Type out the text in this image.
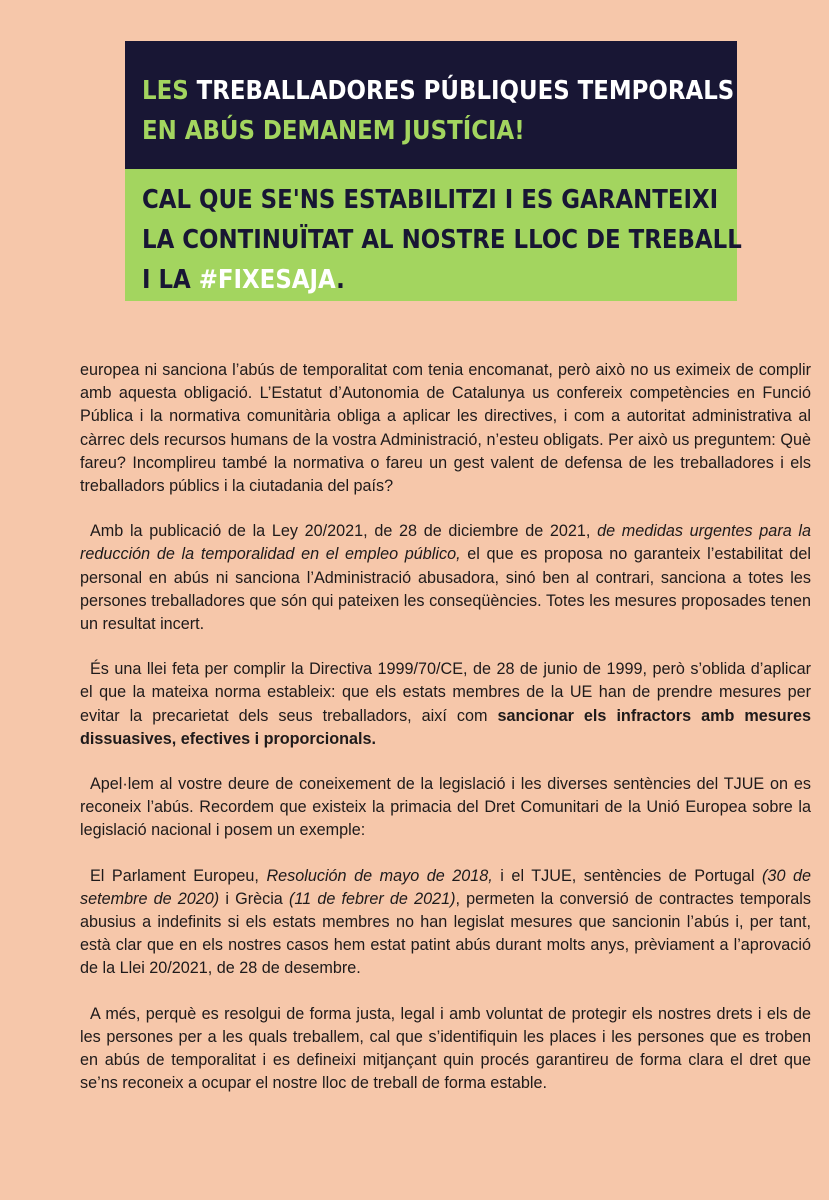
LES TREBALLADORES PÚBLIQUES TEMPORALS
EN ABÚS DEMANEM JUSTÍCIA!
CAL QUE SE'NS ESTABILITZI I ES GARANTEIXI
LA CONTINUÏTAT AL NOSTRE LLOC DE TREBALL
I LA #FIXESAJA.

europea ni sanciona l’abús de temporalitat com tenia encomanat, però això no us eximeix de complir amb aquesta obligació. L’Estatut d’Autonomia de Catalunya us confereix competències en Funció Pública i la normativa comunitària obliga a aplicar les directives, i com a autoritat administrativa al càrrec dels recursos humans de la vostra Administració, n’esteu obligats. Per això us preguntem: Què fareu? Incomplireu també la normativa o fareu un gest valent de defensa de les treballadores i els treballadors públics i la ciutadania del país?

Amb la publicació de la Ley 20/2021, de 28 de diciembre de 2021, de medidas urgentes para la reducción de la temporalidad en el empleo público, el que es proposa no garanteix l’estabilitat del personal en abús ni sanciona l’Administració abusadora, sinó ben al contrari, sanciona a totes les persones treballadores que són qui pateixen les conseqüències. Totes les mesures proposades tenen un resultat incert.

És una llei feta per complir la Directiva 1999/70/CE, de 28 de junio de 1999, però s’oblida d’aplicar el que la mateixa norma estableix: que els estats membres de la UE han de prendre mesures per evitar la precarietat dels seus treballadors, així com sancionar els infractors amb mesures dissuasives, efectives i proporcionals.

Apel·lem al vostre deure de coneixement de la legislació i les diverses sentències del TJUE on es reconeix l’abús. Recordem que existeix la primacia del Dret Comunitari de la Unió Europea sobre la legislació nacional i posem un exemple:

El Parlament Europeu, Resolución de mayo de 2018, i el TJUE, sentències de Portugal (30 de setembre de 2020) i Grècia (11 de febrer de 2021), permeten la conversió de contractes temporals abusius a indefinits si els estats membres no han legislat mesures que sancionin l’abús i, per tant, està clar que en els nostres casos hem estat patint abús durant molts anys, prèviament a l’aprovació de la Llei 20/2021, de 28 de desembre.

A més, perquè es resolgui de forma justa, legal i amb voluntat de protegir els nostres drets i els de les persones per a les quals treballem, cal que s’identifiquin les places i les persones que es troben en abús de temporalitat i es defineixi mitjançant quin procés garantireu de forma clara el dret que se’ns reconeix a ocupar el nostre lloc de treball de forma estable.
